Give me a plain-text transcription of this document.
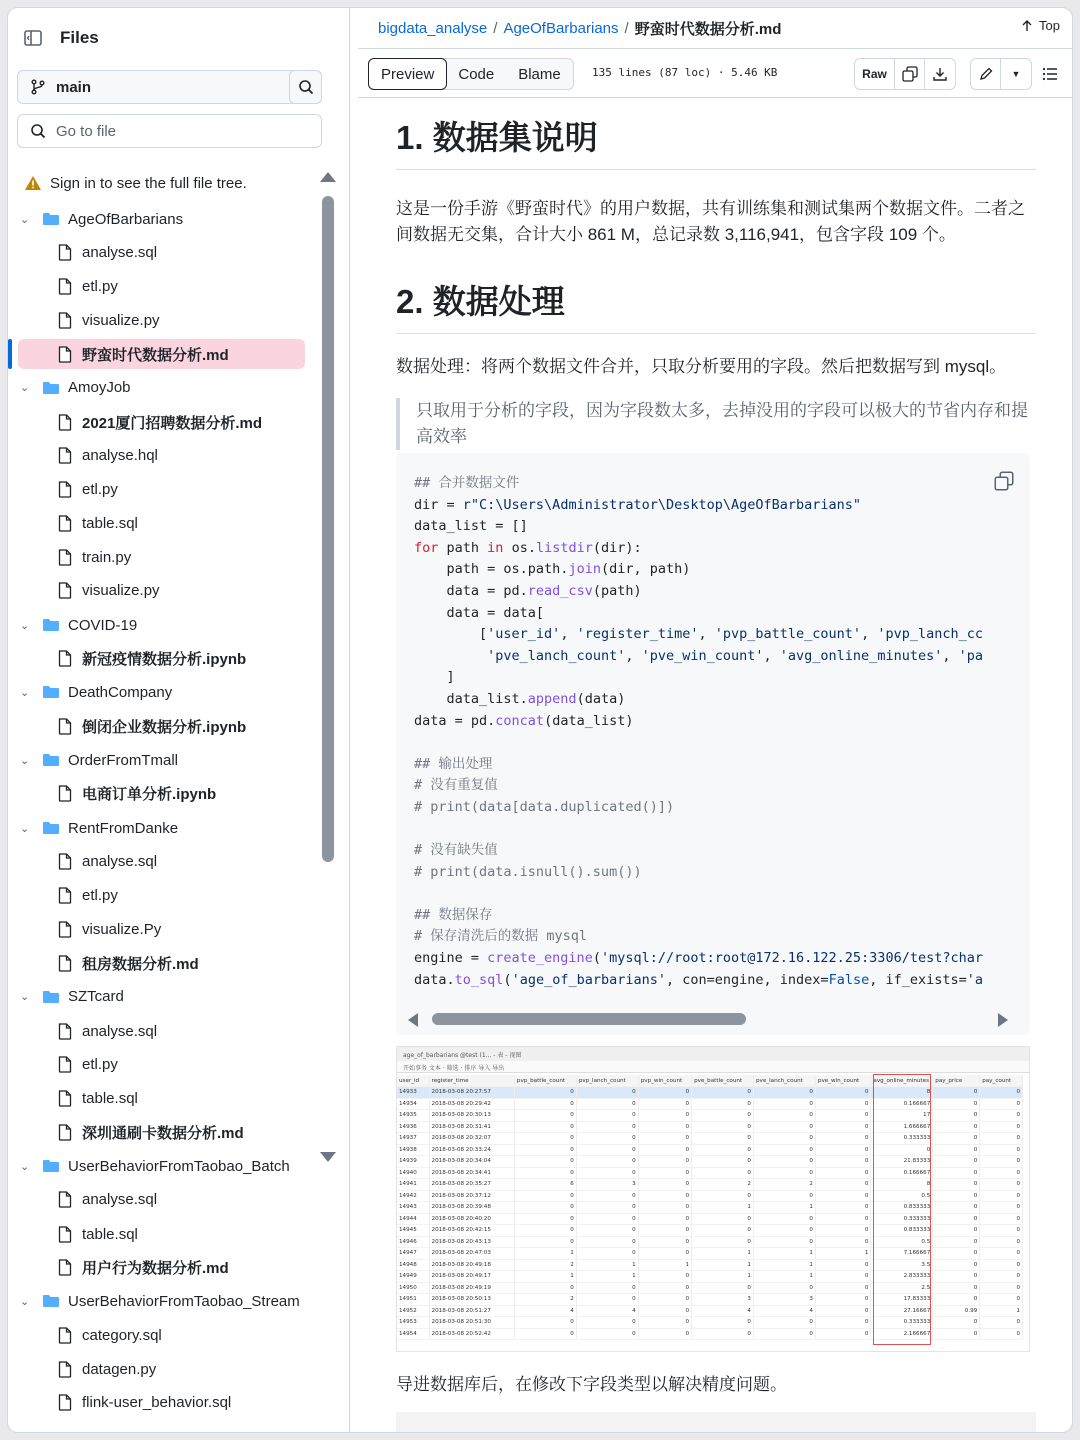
Files
main
Go to file
Sign in to see the full file tree.
⌄	AgeOfBarbarians
analyse.sql
etl.py
visualize.py
野蛮时代数据分析.md
⌄	AmoyJob
2021厦门招聘数据分析.md
analyse.hql
etl.py
table.sql
train.py
visualize.py
⌄	COVID-19
新冠疫情数据分析.ipynb
⌄	DeathCompany
倒闭企业数据分析.ipynb
⌄	OrderFromTmall
电商订单分析.ipynb
⌄	RentFromDanke
analyse.sql
etl.py
visualize.Py
租房数据分析.md
⌄	SZTcard
analyse.sql
etl.py
table.sql
深圳通刷卡数据分析.md
⌄	UserBehaviorFromTaobao_Batch
analyse.sql
table.sql
用户行为数据分析.md
⌄	UserBehaviorFromTaobao_Stream
category.sql
datagen.py
flink-user_behavior.sql
bigdata_analyse / AgeOfBarbarians / 野蛮时代数据分析.md	Top
Preview	Code	Blame	135 lines (87 loc) · 5.46 KB	Raw	▼
1. 数据集说明
这是一份手游《野蛮时代》的用户数据，共有训练集和测试集两个数据文件。二者之间数据无交集，合计大小 861 M，总记录数 3,116,941，包含字段 109 个。
2. 数据处理
数据处理：将两个数据文件合并，只取分析要用的字段。然后把数据写到 mysql。
只取用于分析的字段，因为字段数太多，去掉没用的字段可以极大的节省内存和提高效率
## 合并数据文件
dir = r"C:\Users\Administrator\Desktop\AgeOfBarbarians"
data_list = []
for path in os.listdir(dir):
path = os.path.join(dir, path)
data = pd.read_csv(path)
data = data[
['user_id', 'register_time', 'pvp_battle_count', 'pvp_lanch_cc
'pve_lanch_count', 'pve_win_count', 'avg_online_minutes', 'pa
]
data_list.append(data)
data = pd.concat(data_list)

## 输出处理
# 没有重复值
# print(data[data.duplicated()])

# 没有缺失值
# print(data.isnull().sum())

## 数据保存
# 保存清洗后的数据 mysql
engine = create_engine('mysql://root:root@172.16.122.25:3306/test?char
data.to_sql('age_of_barbarians', con=engine, index=False, if_exists='a
age_of_barbarians @test (1... - 表 - 视图
开始事务 文本 · 筛选 · 排序 导入 导出
user_id	register_time	pvp_battle_count	pvp_lanch_count	pvp_win_count	pve_battle_count	pve_lanch_count	pve_win_count	avg_online_minutes	pay_price	pay_count
14933	2018-03-08 20:27:57	0	0	0	0	0	0	8	0	0
14934	2018-03-08 20:29:42	0	0	0	0	0	0	0.166667	0	0
14935	2018-03-08 20:30:13	0	0	0	0	0	0	17	0	0
14936	2018-03-08 20:31:41	0	0	0	0	0	0	1.666667	0	0
14937	2018-03-08 20:32:07	0	0	0	0	0	0	0.333333	0	0
14938	2018-03-08 20:33:24	0	0	0	0	0	0	0	0	0
14939	2018-03-08 20:34:04	0	0	0	0	0	0	21.83333	0	0
14940	2018-03-08 20:34:41	0	0	0	0	0	0	0.166667	0	0
14941	2018-03-08 20:35:27	6	3	0	2	2	0	8	0	0
14942	2018-03-08 20:37:12	0	0	0	0	0	0	0.5	0	0
14943	2018-03-08 20:39:48	0	0	0	1	1	0	0.833333	0	0
14944	2018-03-08 20:40:20	0	0	0	0	0	0	0.333333	0	0
14945	2018-03-08 20:42:15	0	0	0	0	0	0	0.833333	0	0
14946	2018-03-08 20:43:13	0	0	0	0	0	0	0.5	0	0
14947	2018-03-08 20:47:03	1	0	0	1	1	1	7.166667	0	0
14948	2018-03-08 20:49:18	2	1	1	1	1	0	3.5	0	0
14949	2018-03-08 20:49:17	1	1	0	1	1	0	2.833333	0	0
14950	2018-03-08 20:49:19	0	0	0	0	0	0	2.5	0	0
14951	2018-03-08 20:50:13	2	0	0	3	3	0	17.83333	0	0
14952	2018-03-08 20:51:27	4	4	0	4	4	0	27.16667	0.99	1
14953	2018-03-08 20:51:30	0	0	0	0	0	0	0.333333	0	0
14954	2018-03-08 20:52:42	0	0	0	0	0	0	2.166667	0	0
导进数据库后，在修改下字段类型以解决精度问题。
